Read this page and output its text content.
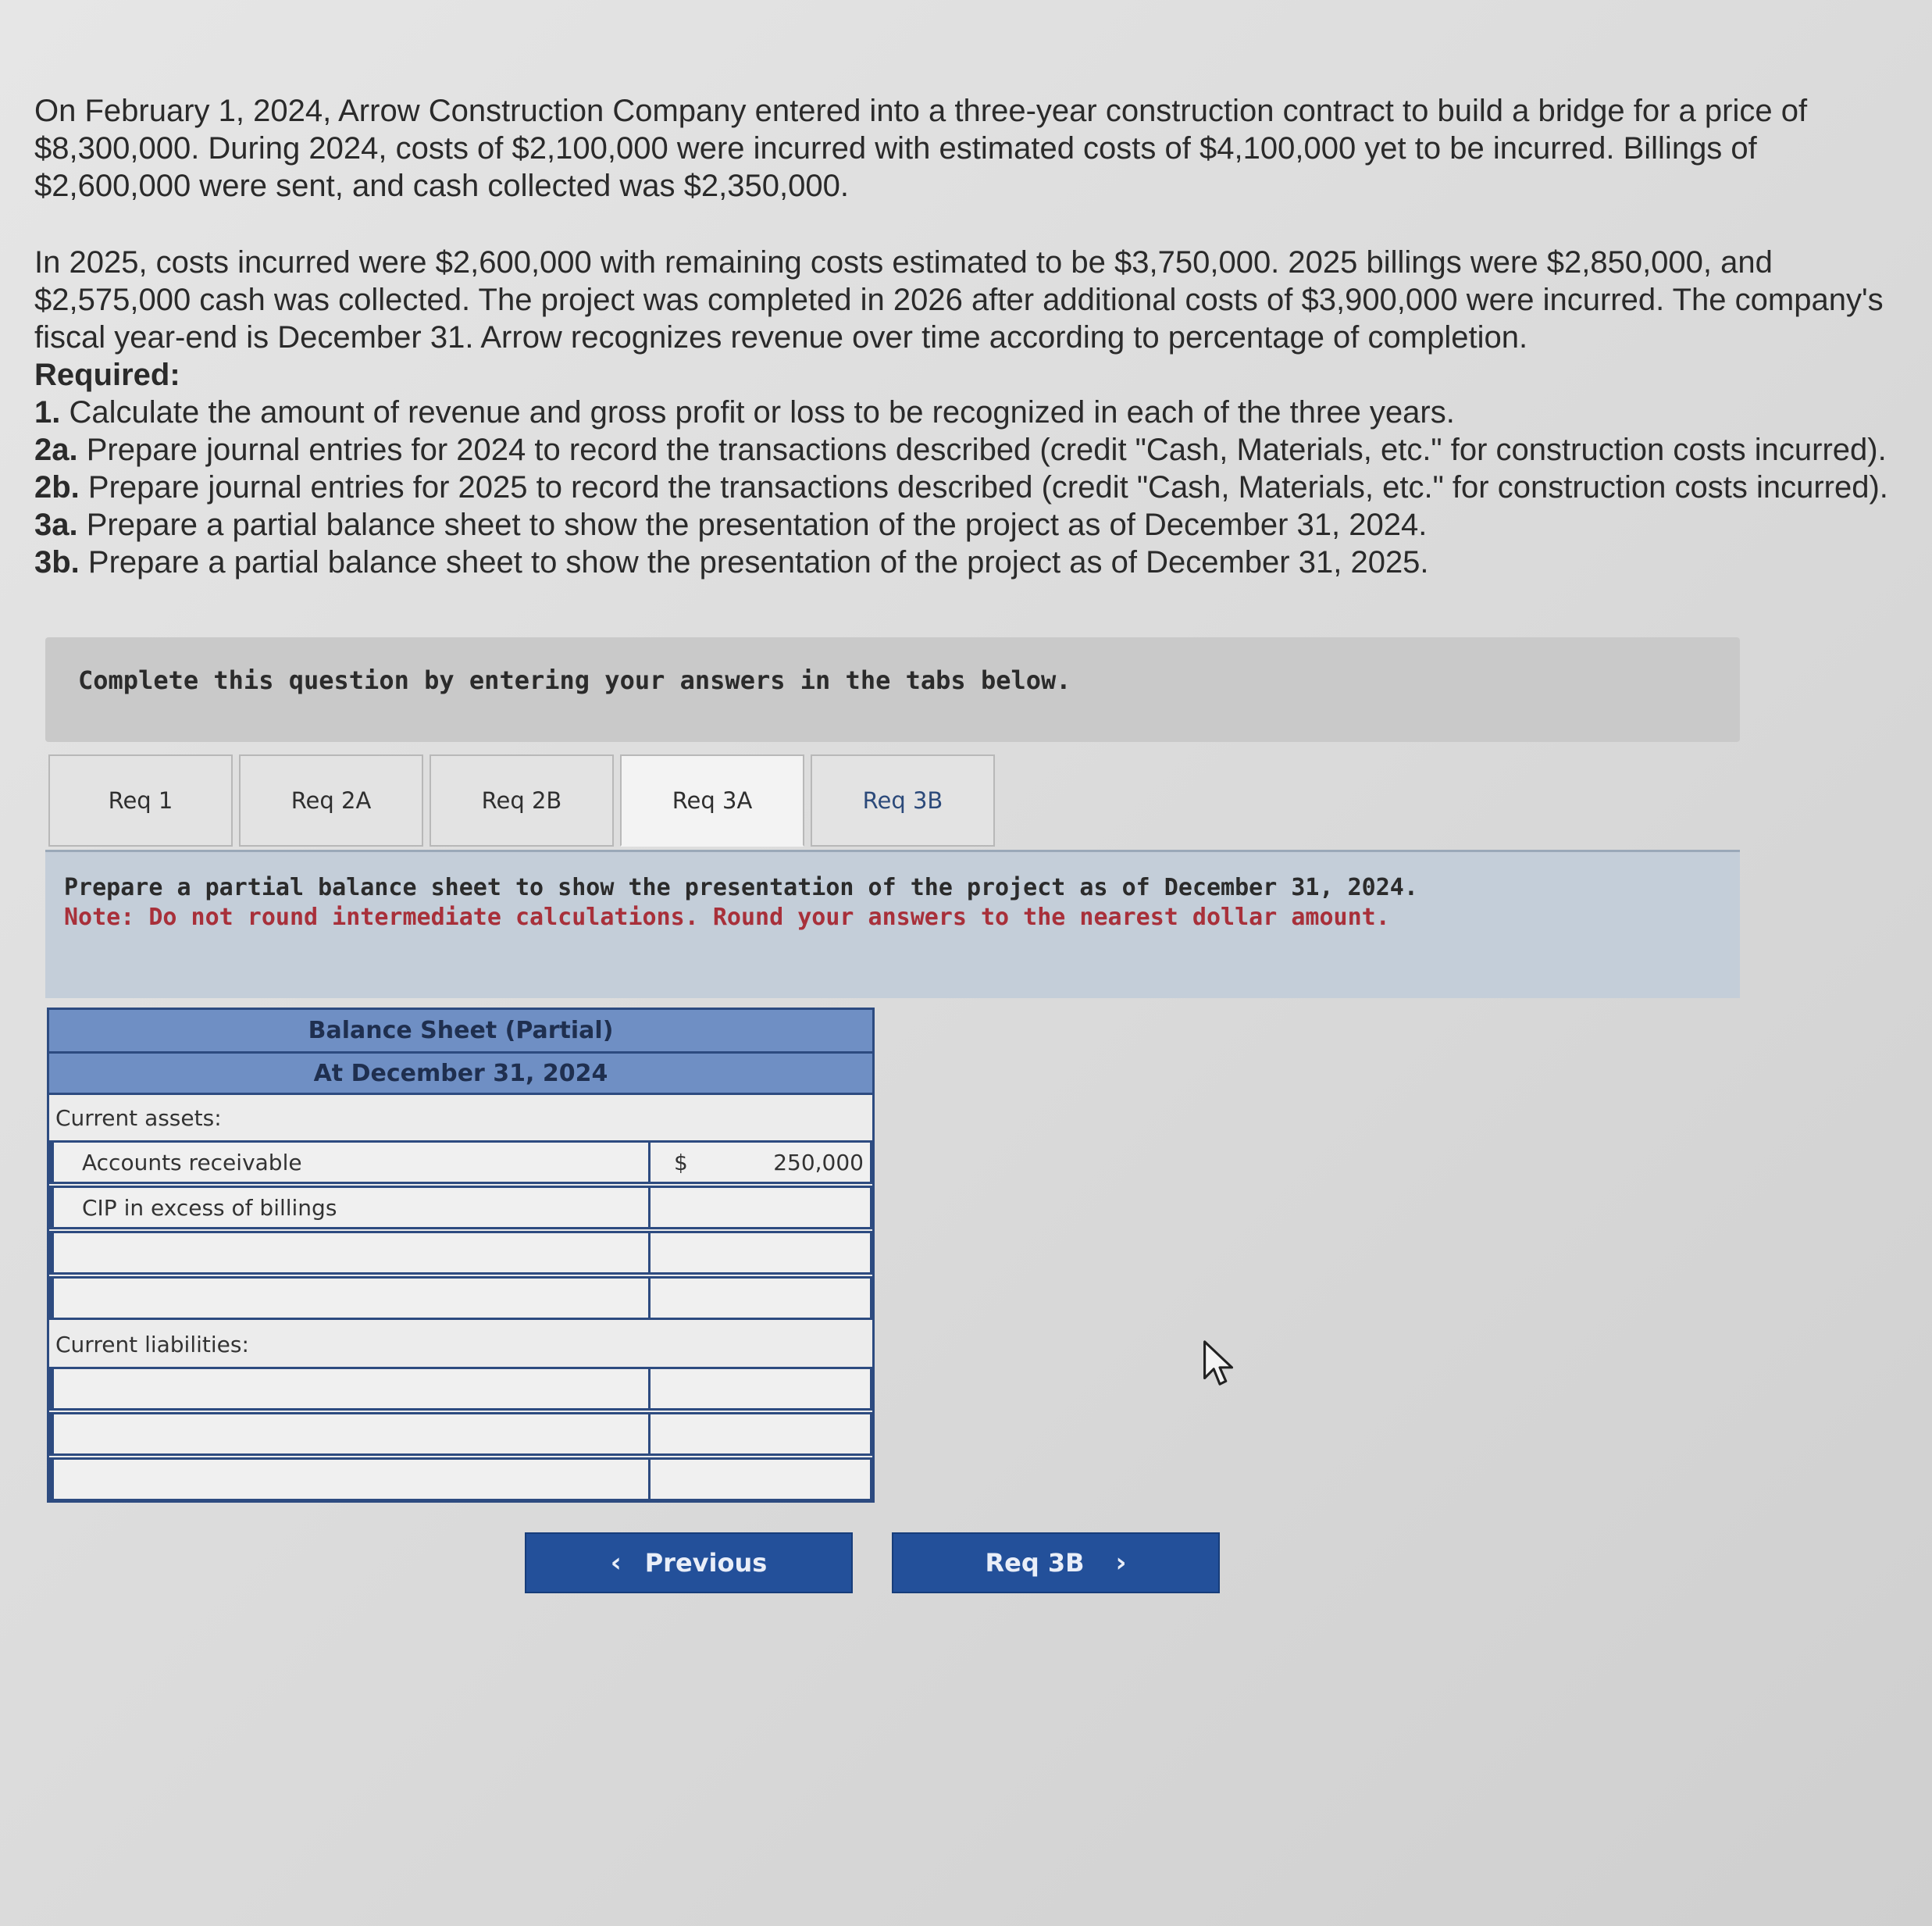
On February 1, 2024, Arrow Construction Company entered into a three-year construction contract to build a bridge for a price of $8,300,000. During 2024, costs of $2,100,000 were incurred with estimated costs of $4,100,000 yet to be incurred. Billings of $2,600,000 were sent, and cash collected was $2,350,000.

In 2025, costs incurred were $2,600,000 with remaining costs estimated to be $3,750,000. 2025 billings were $2,850,000, and $2,575,000 cash was collected. The project was completed in 2026 after additional costs of $3,900,000 were incurred. The company's fiscal year-end is December 31. Arrow recognizes revenue over time according to percentage of completion.

Required:

1. Calculate the amount of revenue and gross profit or loss to be recognized in each of the three years.

2a. Prepare journal entries for 2024 to record the transactions described (credit "Cash, Materials, etc." for construction costs incurred).

2b. Prepare journal entries for 2025 to record the transactions described (credit "Cash, Materials, etc." for construction costs incurred).

3a. Prepare a partial balance sheet to show the presentation of the project as of December 31, 2024.

3b. Prepare a partial balance sheet to show the presentation of the project as of December 31, 2025.

Complete this question by entering your answers in the tabs below.
Req 1	Req 2A	Req 2B	Req 3A	Req 3B
Prepare a partial balance sheet to show the presentation of the project as of December 31, 2024.
Note: Do not round intermediate calculations. Round your answers to the nearest dollar amount.
Balance Sheet (Partial)
At December 31, 2024
Current assets:
Accounts receivable	$	250,000
CIP in excess of billings
Current liabilities:
‹ Previous	Req 3B ›
